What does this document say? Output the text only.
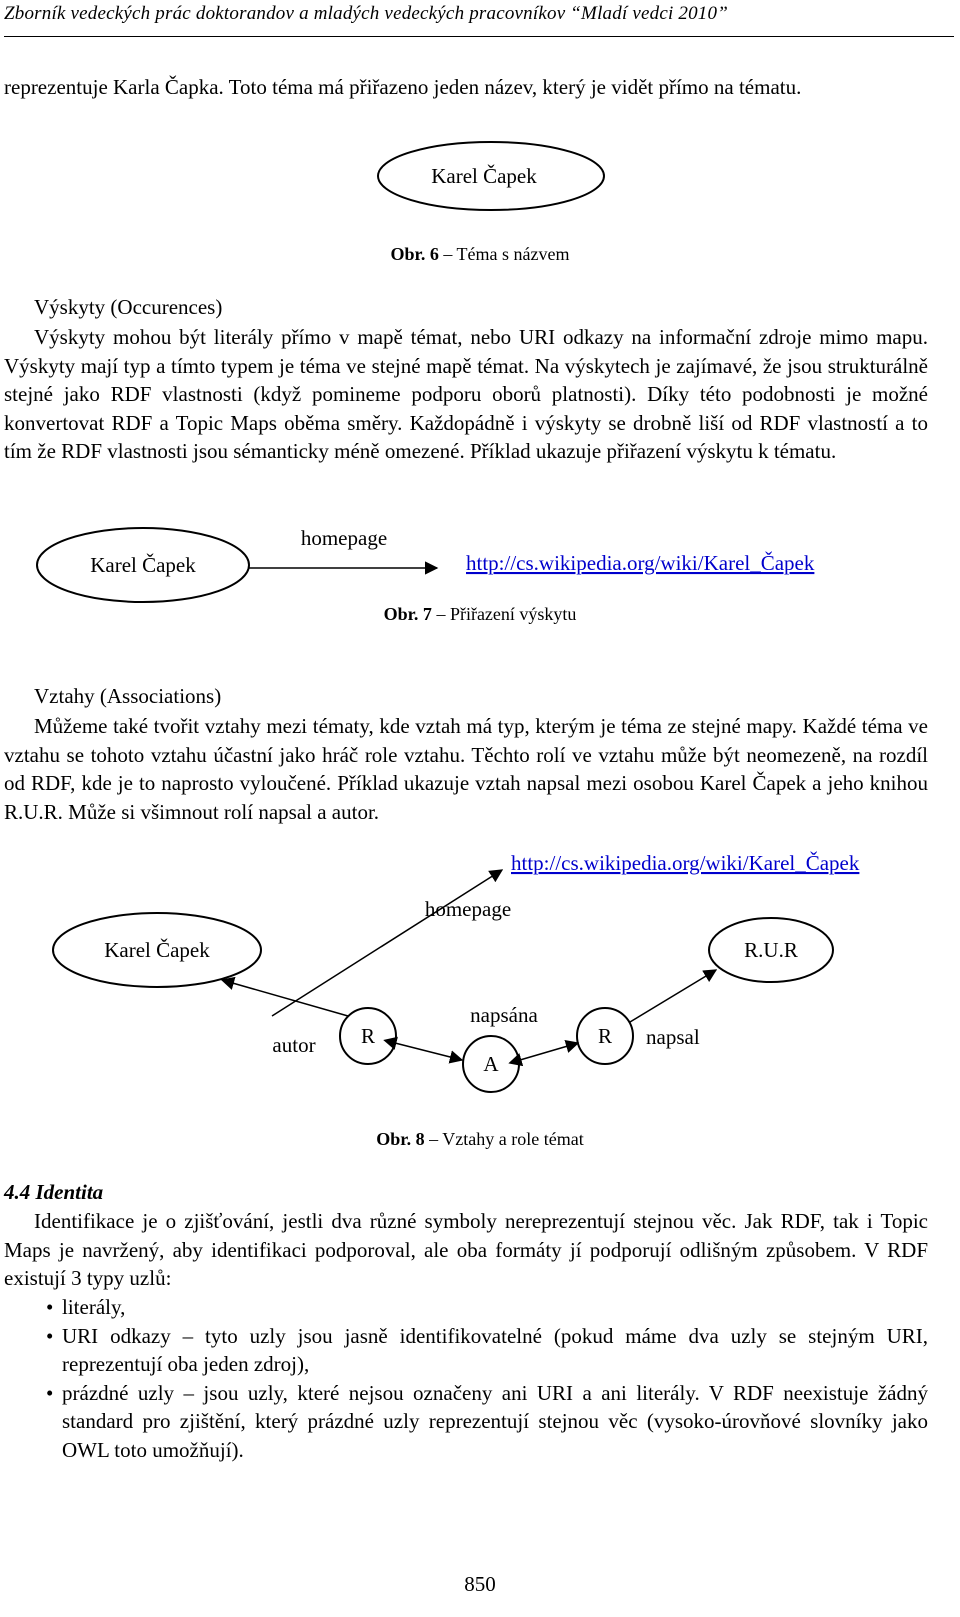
Zborník vedeckých prác doktorandov a mladých vedeckých pracovníkov “Mladí vedci 2010”

reprezentuje Karla Čapka. Toto téma má přiřazeno jeden název, který je vidět přímo na tématu.

Karel Čapek
Obr. 6 – Téma s názvem
Výskyty (Occurences)

Výskyty mohou být literály přímo v mapě témat, nebo URI odkazy na informační zdroje mimo mapu. Výskyty mají typ a tímto typem je téma ve stejné mapě témat. Na výskytech je zajímavé, že jsou strukturálně stejné jako RDF vlastnosti (když pomineme podporu oborů platnosti). Díky této podobnosti je možné konvertovat RDF a Topic Maps oběma směry. Každopádně i výskyty se drobně liší od RDF vlastností a to tím že RDF vlastnosti jsou sémanticky méně omezené. Příklad ukazuje přiřazení výskytu k tématu.

Karel Čapek
homepage
http://cs.wikipedia.org/wiki/Karel_Čapek
Obr. 7 – Přiřazení výskytu
Vztahy (Associations)

Můžeme také tvořit vztahy mezi tématy, kde vztah má typ, kterým je téma ze stejné mapy. Každé téma ve vztahu se tohoto vztahu účastní jako hráč role vztahu. Těchto rolí ve vztahu může být neomezeně, na rozdíl od RDF, kde je to naprosto vyloučené. Příklad ukazuje vztah napsal mezi osobou Karel Čapek a jeho knihou R.U.R. Může si všimnout rolí napsal a autor.

http://cs.wikipedia.org/wiki/Karel_Čapek
homepage
Karel Čapek	R.U.R
autor R
napsána
A
R napsal
Obr. 8 – Vztahy a role témat
4.4 Identita

Identifikace je o zjišťování, jestli dva různé symboly nereprezentují stejnou věc. Jak RDF, tak i Topic Maps je navržený, aby identifikaci podporoval, ale oba formáty jí podporují odlišným způsobem. V RDF existují 3 typy uzlů:

• literály,
• URI odkazy – tyto uzly jsou jasně identifikovatelné (pokud máme dva uzly se stejným URI, reprezentují oba jeden zdroj),
• prázdné uzly – jsou uzly, které nejsou označeny ani URI a ani literály. V RDF neexistuje žádný standard pro zjištění, který prázdné uzly reprezentují stejnou věc (vysoko-úrovňové slovníky jako OWL toto umožňují).
850
